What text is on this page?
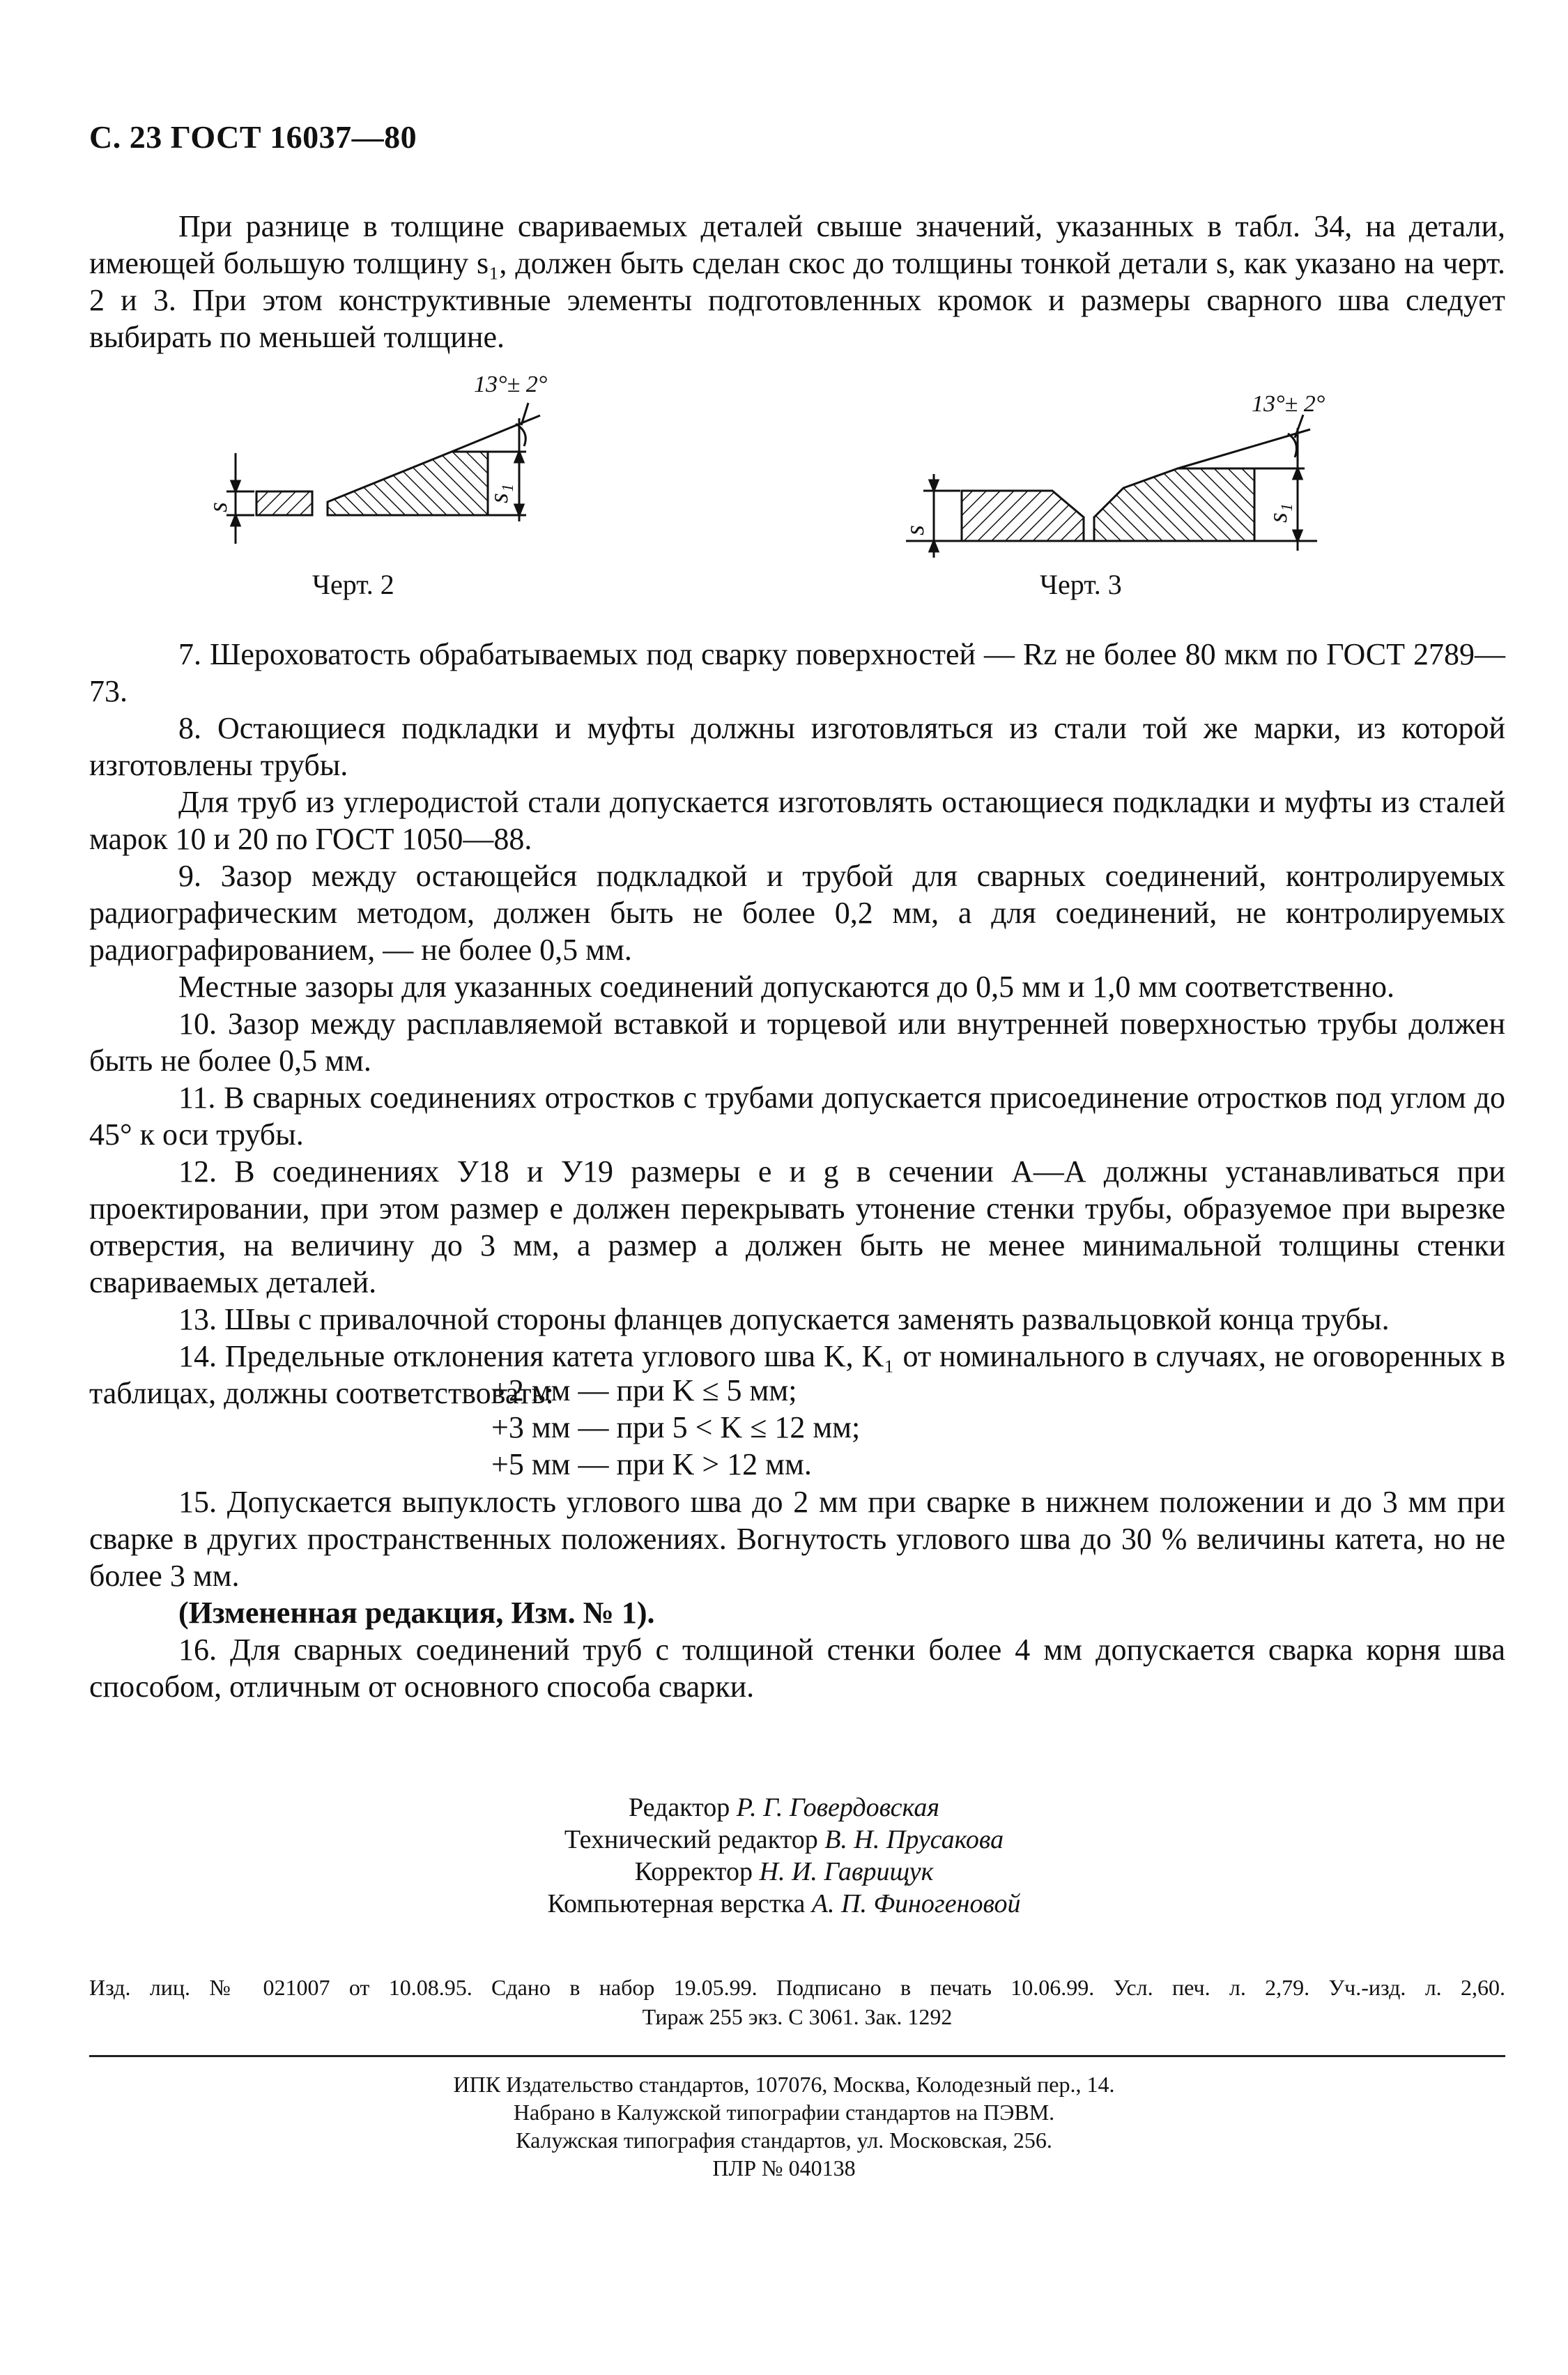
С. 23 ГОСТ 16037—80

При разнице в толщине свариваемых деталей свыше значений, указанных в табл. 34, на детали, имеющей большую толщину s₁, должен быть сделан скос до толщины тонкой детали s, как указано на черт. 2 и 3. При этом конструктивные элементы подготовленных кромок и размеры сварного шва следует выбирать по меньшей толщине.

s
s₁
13°± 2°
s
s₁
13°± 2°
Черт. 2	Черт. 3

7. Шероховатость обрабатываемых под сварку поверхностей — Rz не более 80 мкм по ГОСТ 2789—73.

8. Остающиеся подкладки и муфты должны изготовляться из стали той же марки, из которой изготовлены трубы.

Для труб из углеродистой стали допускается изготовлять остающиеся подкладки и муфты из сталей марок 10 и 20 по ГОСТ 1050—88.

9. Зазор между остающейся подкладкой и трубой для сварных соединений, контролируемых радиографическим методом, должен быть не более 0,2 мм, а для соединений, не контролируемых радиографированием, — не более 0,5 мм.

Местные зазоры для указанных соединений допускаются до 0,5 мм и 1,0 мм соответственно.

10. Зазор между расплавляемой вставкой и торцевой или внутренней поверхностью трубы должен быть не более 0,5 мм.

11. В сварных соединениях отростков с трубами допускается присоединение отростков под углом до 45° к оси трубы.

12. В соединениях У18 и У19 размеры e и g в сечении А—А должны устанавливаться при проектировании, при этом размер e должен перекрывать утонение стенки трубы, образуемое при вырезке отверстия, на величину до 3 мм, а размер a должен быть не менее минимальной толщины стенки свариваемых деталей.

13. Швы с привалочной стороны фланцев допускается заменять развальцовкой конца трубы.

14. Предельные отклонения катета углового шва K, K₁ от номинального в случаях, не оговоренных в таблицах, должны соответствовать:

+2 мм — при K ≤ 5 мм;
+3 мм — при 5 < K ≤ 12 мм;
+5 мм — при K > 12 мм.

15. Допускается выпуклость углового шва до 2 мм при сварке в нижнем положении и до 3 мм при сварке в других пространственных положениях. Вогнутость углового шва до 30 % величины катета, но не более 3 мм.

(Измененная редакция, Изм. № 1).

16. Для сварных соединений труб с толщиной стенки более 4 мм допускается сварка корня шва способом, отличным от основного способа сварки.

Редактор Р. Г. Говердовская
Технический редактор В. Н. Прусакова
Корректор Н. И. Гаврищук
Компьютерная верстка А. П. Финогеновой
Изд. лиц. № 021007 от 10.08.95. Сдано в набор 19.05.99. Подписано в печать 10.06.99. Усл. печ. л. 2,79. Уч.-изд. л. 2,60.
Тираж 255 экз. С 3061. Зак. 1292
ИПК Издательство стандартов, 107076, Москва, Колодезный пер., 14.
Набрано в Калужской типографии стандартов на ПЭВМ.
Калужская типография стандартов, ул. Московская, 256.
ПЛР № 040138
